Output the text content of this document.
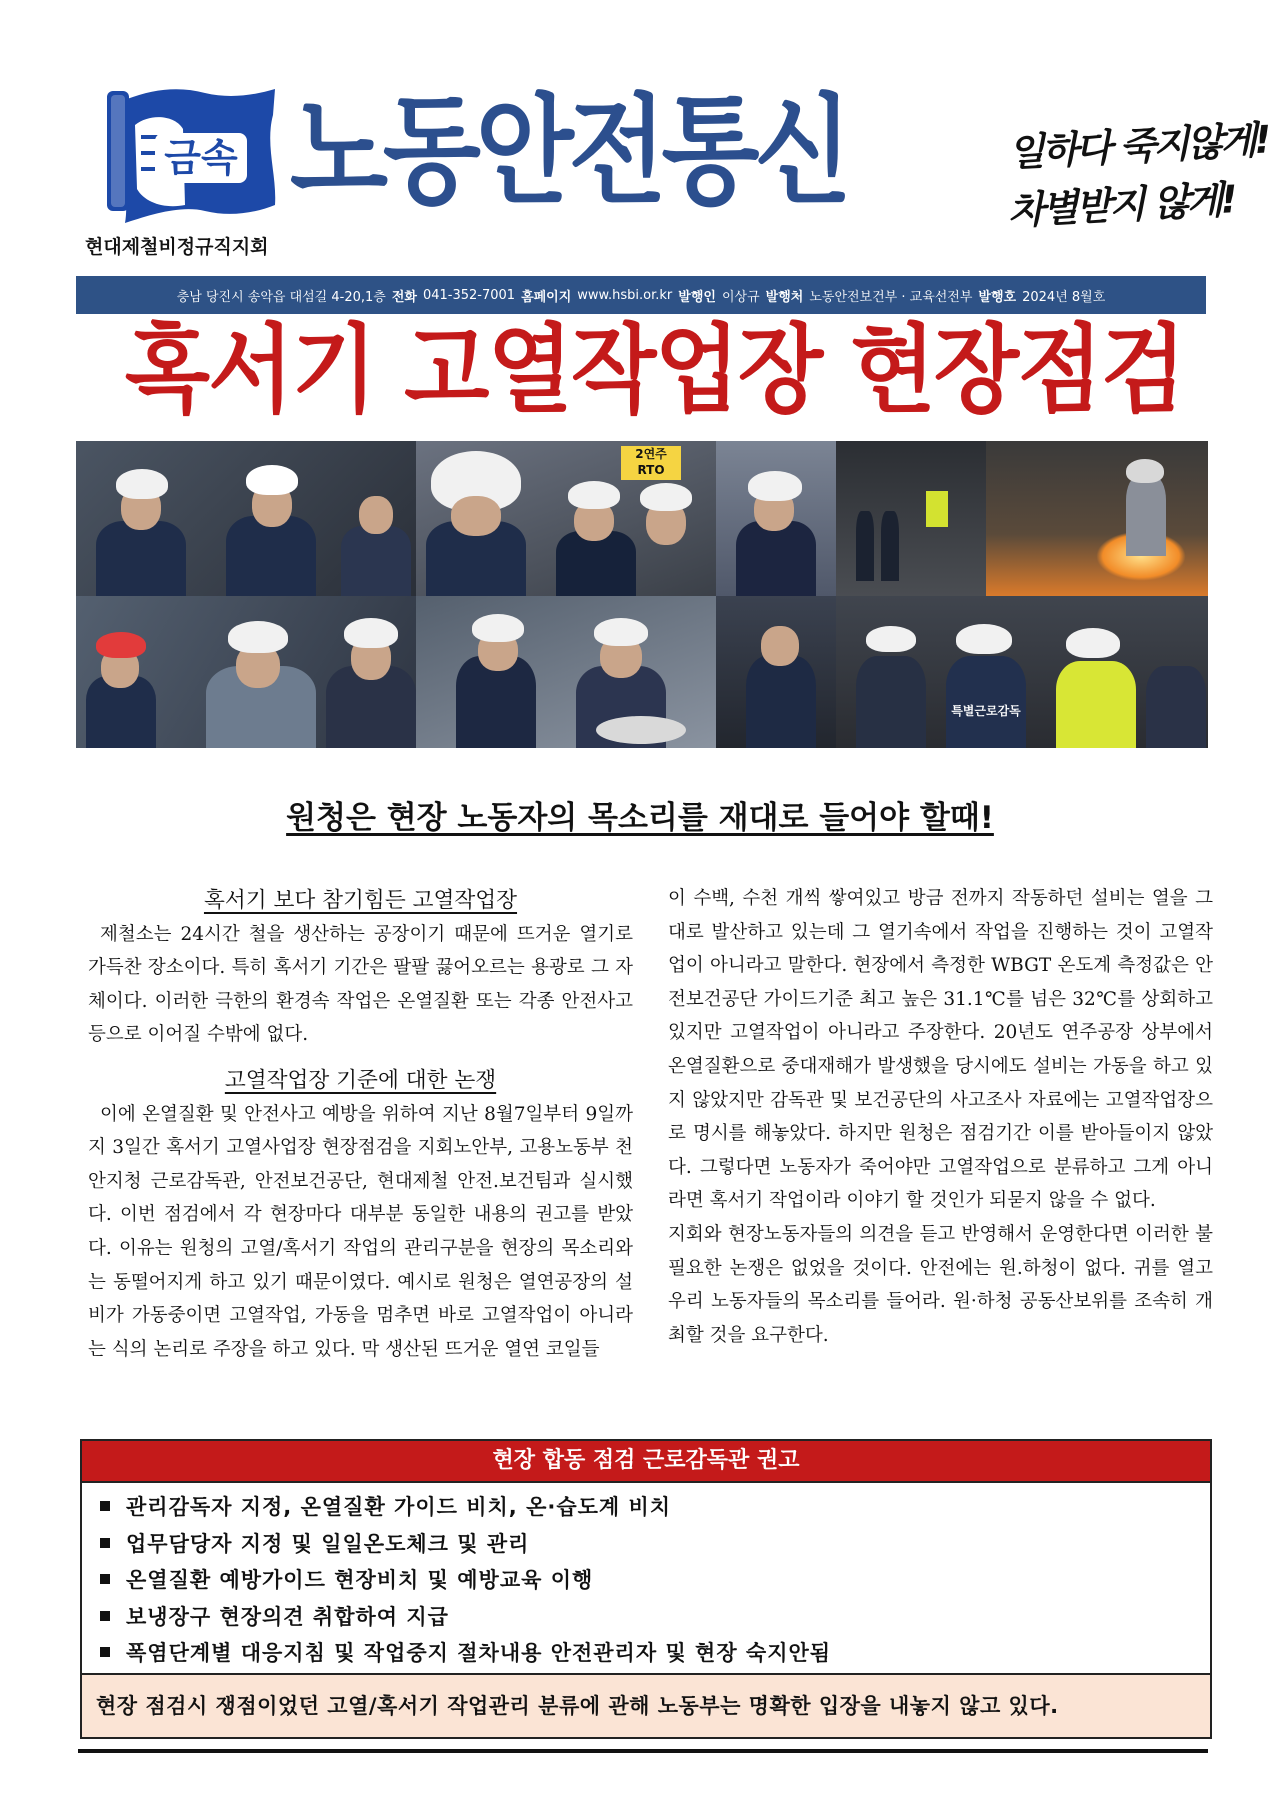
금속
현대제철비정규직지회
노동안전통신	일하다 죽지않게!
차별받지 않게!
충남 당진시 송악읍 대섬길 4-20,1층 전화 041-352-7001 홈페이지 www.hsbi.or.kr 발행인 이상규 발행처 노동안전보건부 · 교육선전부 발행호 2024년 8월호
혹서기 고열작업장 현장점검
2연주
RTO
특별근로감독
원청은 현장 노동자의 목소리를 재대로 들어야 할때!
혹서기 보다 참기힘든 고열작업장

제철소는 24시간 철을 생산하는 공장이기 때문에 뜨거운 열기로 가득찬 장소이다. 특히 혹서기 기간은 팔팔 끓어오르는 용광로 그 자체이다. 이러한 극한의 환경속 작업은 온열질환 또는 각종 안전사고 등으로 이어질 수밖에 없다.

고열작업장 기준에 대한 논쟁

이에 온열질환 및 안전사고 예방을 위하여 지난 8월7일부터 9일까지 3일간 혹서기 고열사업장 현장점검을 지회노안부, 고용노동부 천안지청 근로감독관, 안전보건공단, 현대제철 안전.보건팀과 실시했다. 이번 점검에서 각 현장마다 대부분 동일한 내용의 권고를 받았다. 이유는 원청의 고열/혹서기 작업의 관리구분을 현장의 목소리와는 동떨어지게 하고 있기 때문이였다. 예시로 원청은 열연공장의 설비가 가동중이면 고열작업, 가동을 멈추면 바로 고열작업이 아니라는 식의 논리로 주장을 하고 있다. 막 생산된 뜨거운 열연 코일들

이 수백, 수천 개씩 쌓여있고 방금 전까지 작동하던 설비는 열을 그대로 발산하고 있는데 그 열기속에서 작업을 진행하는 것이 고열작업이 아니라고 말한다. 현장에서 측정한 WBGT 온도계 측정값은 안전보건공단 가이드기준 최고 높은 31.1℃를 넘은 32℃를 상회하고 있지만 고열작업이 아니라고 주장한다. 20년도 연주공장 상부에서 온열질환으로 중대재해가 발생했을 당시에도 설비는 가동을 하고 있지 않았지만 감독관 및 보건공단의 사고조사 자료에는 고열작업장으로 명시를 해놓았다. 하지만 원청은 점검기간 이를 받아들이지 않았다. 그렇다면 노동자가 죽어야만 고열작업으로 분류하고 그게 아니라면 혹서기 작업이라 이야기 할 것인가 되묻지 않을 수 없다.

지회와 현장노동자들의 의견을 듣고 반영해서 운영한다면 이러한 불필요한 논쟁은 없었을 것이다. 안전에는 원.하청이 없다. 귀를 열고 우리 노동자들의 목소리를 들어라. 원·하청 공동산보위를 조속히 개최할 것을 요구한다.

현장 합동 점검 근로감독관 권고
관리감독자 지정, 온열질환 가이드 비치, 온·습도계 비치
업무담당자 지정 및 일일온도체크 및 관리
온열질환 예방가이드 현장비치 및 예방교육 이행
보냉장구 현장의견 취합하여 지급
폭염단계별 대응지침 및 작업중지 절차내용 안전관리자 및 현장 숙지안됨
현장 점검시 쟁점이었던 고열/혹서기 작업관리 분류에 관해 노동부는 명확한 입장을 내놓지 않고 있다.
